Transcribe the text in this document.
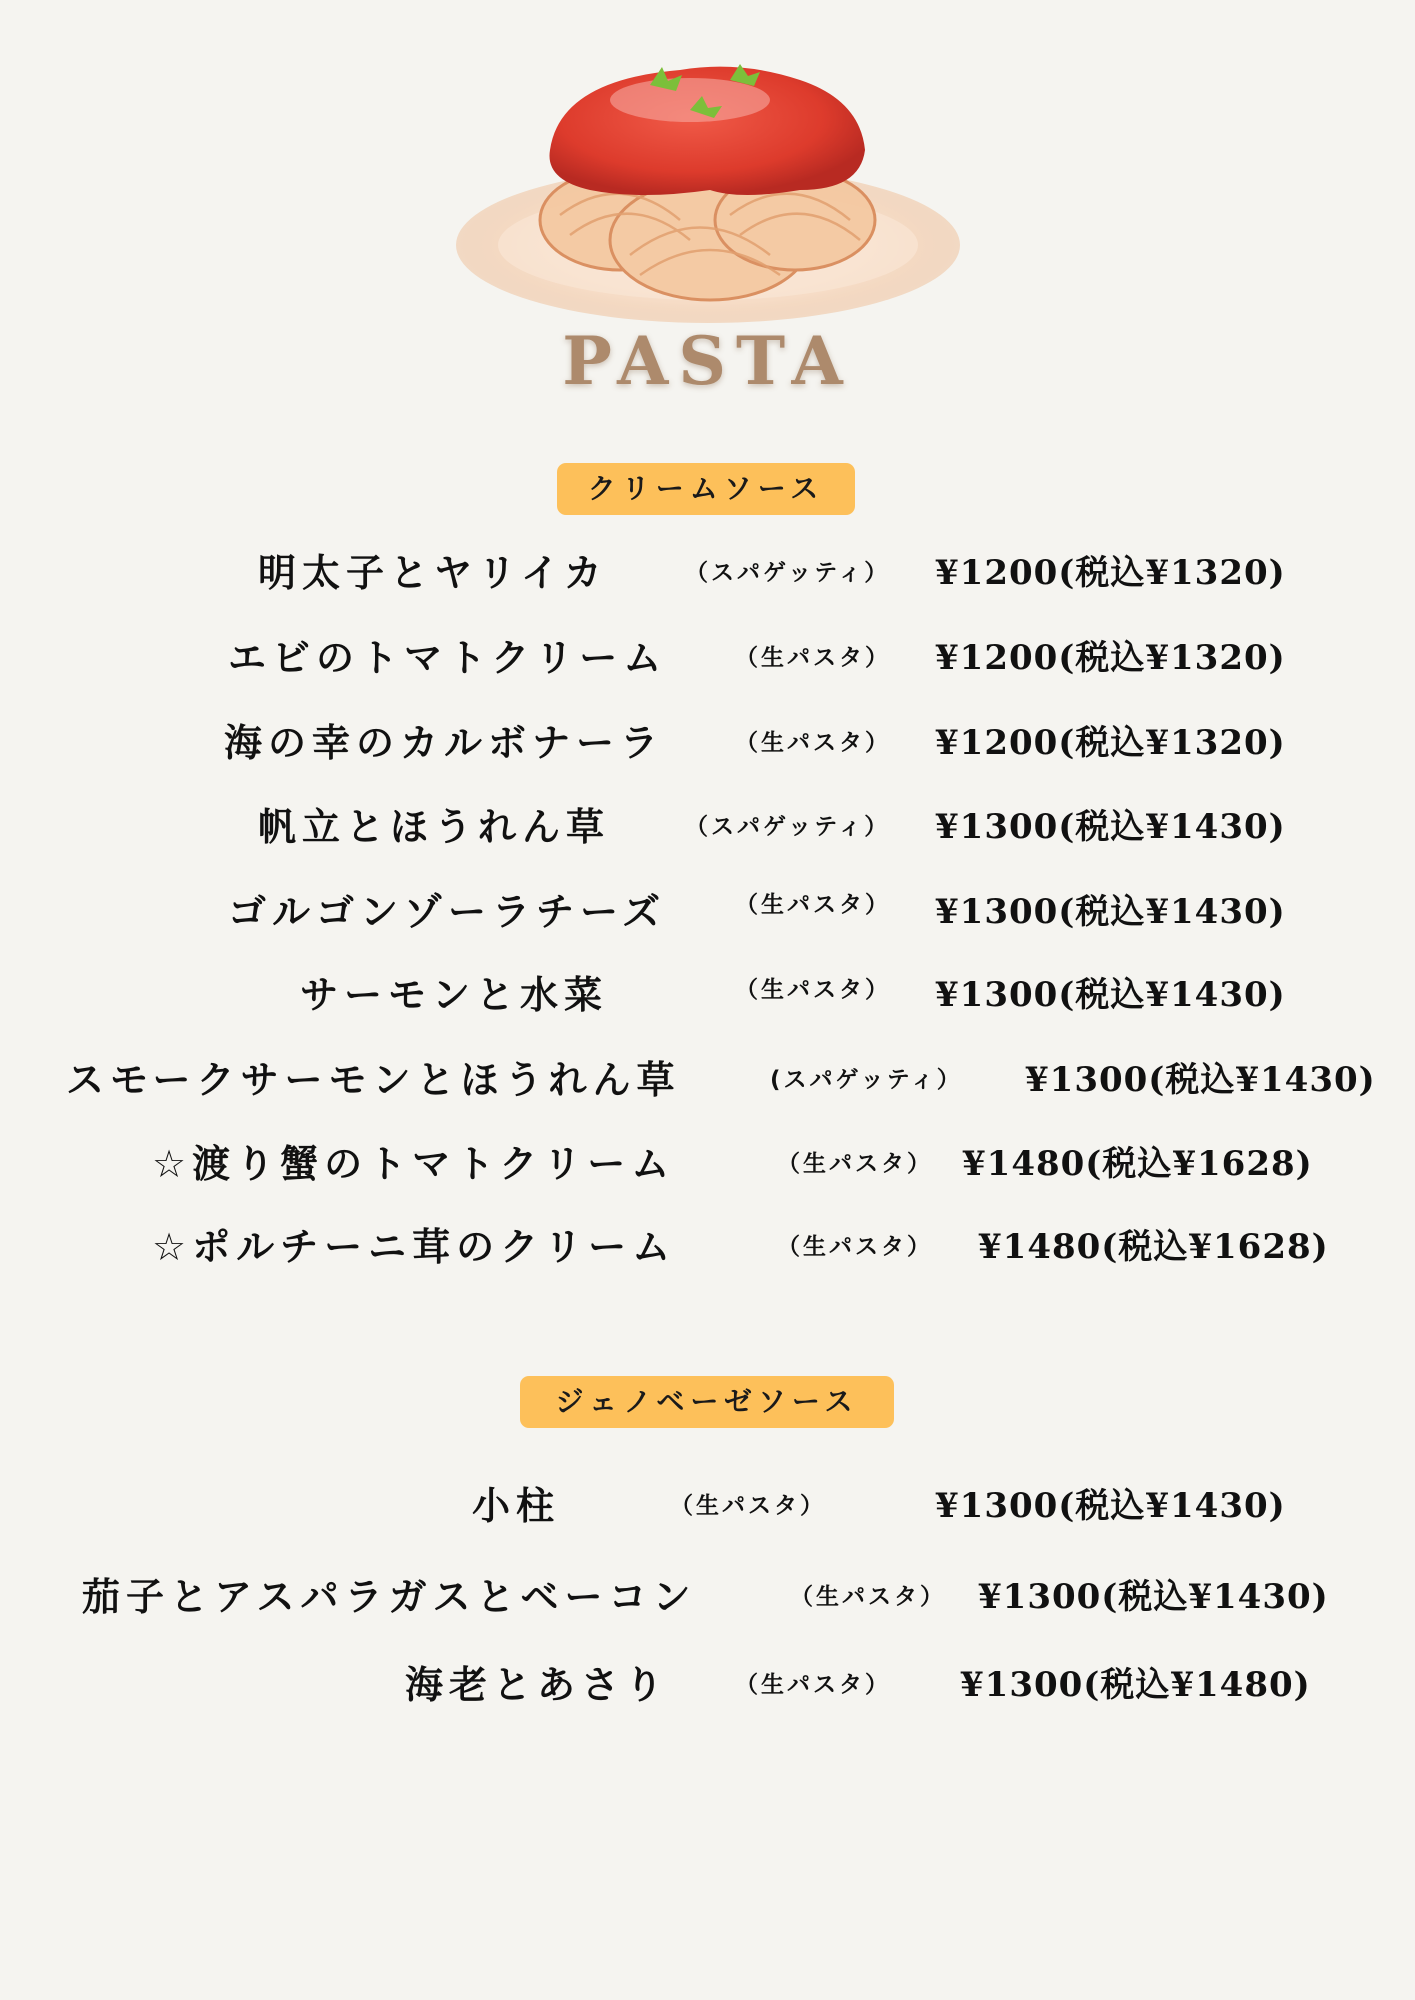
PASTA
クリームソース
明太子とヤリイカ	（スパゲッティ） ¥1200(税込¥1320)
エビのトマトクリーム	（生パスタ） ¥1200(税込¥1320)
海の幸のカルボナーラ	（生パスタ） ¥1200(税込¥1320)
帆立とほうれん草	（スパゲッティ） ¥1300(税込¥1430)
ゴルゴンゾーラチーズ	（生パスタ） ¥1300(税込¥1430)
サーモンと水菜	（生パスタ） ¥1300(税込¥1430)
スモークサーモンとほうれん草	(スパゲッティ） ¥1300(税込¥1430)
☆渡り蟹のトマトクリーム	（生パスタ） ¥1480(税込¥1628)
☆ポルチーニ茸のクリーム	（生パスタ） ¥1480(税込¥1628)
ジェノベーゼソース
小柱	（生パスタ）	¥1300(税込¥1430)
茄子とアスパラガスとベーコン	（生パスタ） ¥1300(税込¥1430)
海老とあさり	（生パスタ） ¥1300(税込¥1480)
